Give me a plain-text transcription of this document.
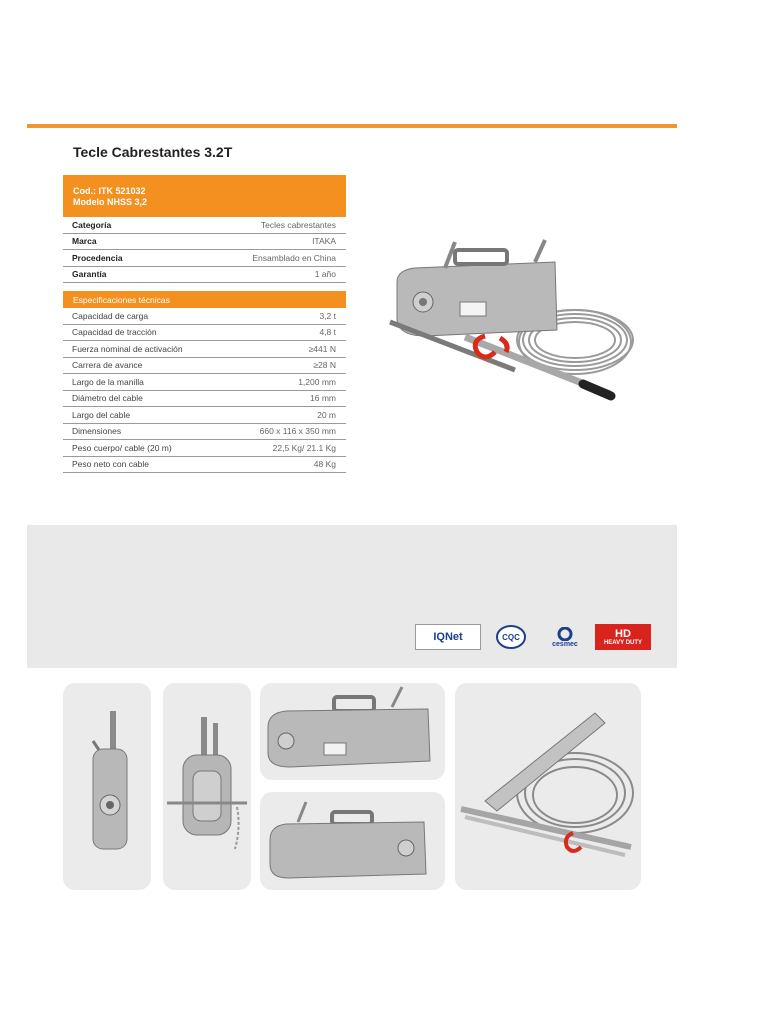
Tecle Cabrestantes 3.2T
Cod.: ITK 521032
Modelo NHSS 3,2
Categoría	Tecles cabrestantes
Marca	ITAKA
Procedencia	Ensamblado en China
Garantía	1 año
Especificaciones técnicas
Capacidad de carga	3,2 t
Capacidad de tracción	4,8 t
Fuerza nominal de activación	≥441 N
Carrera de avance	≥28 N
Largo de la manilla	1,200 mm
Diámetro del cable	16 mm
Largo del cable	20 m
Dimensiones	660 x 116 x 350 mm
Peso cuerpo/ cable (20 m)	22,5 Kg/ 21.1 Kg
Peso neto con cable	48 Kg
IQNet	CQC
cesmec
HD
HEAVY DUTY
